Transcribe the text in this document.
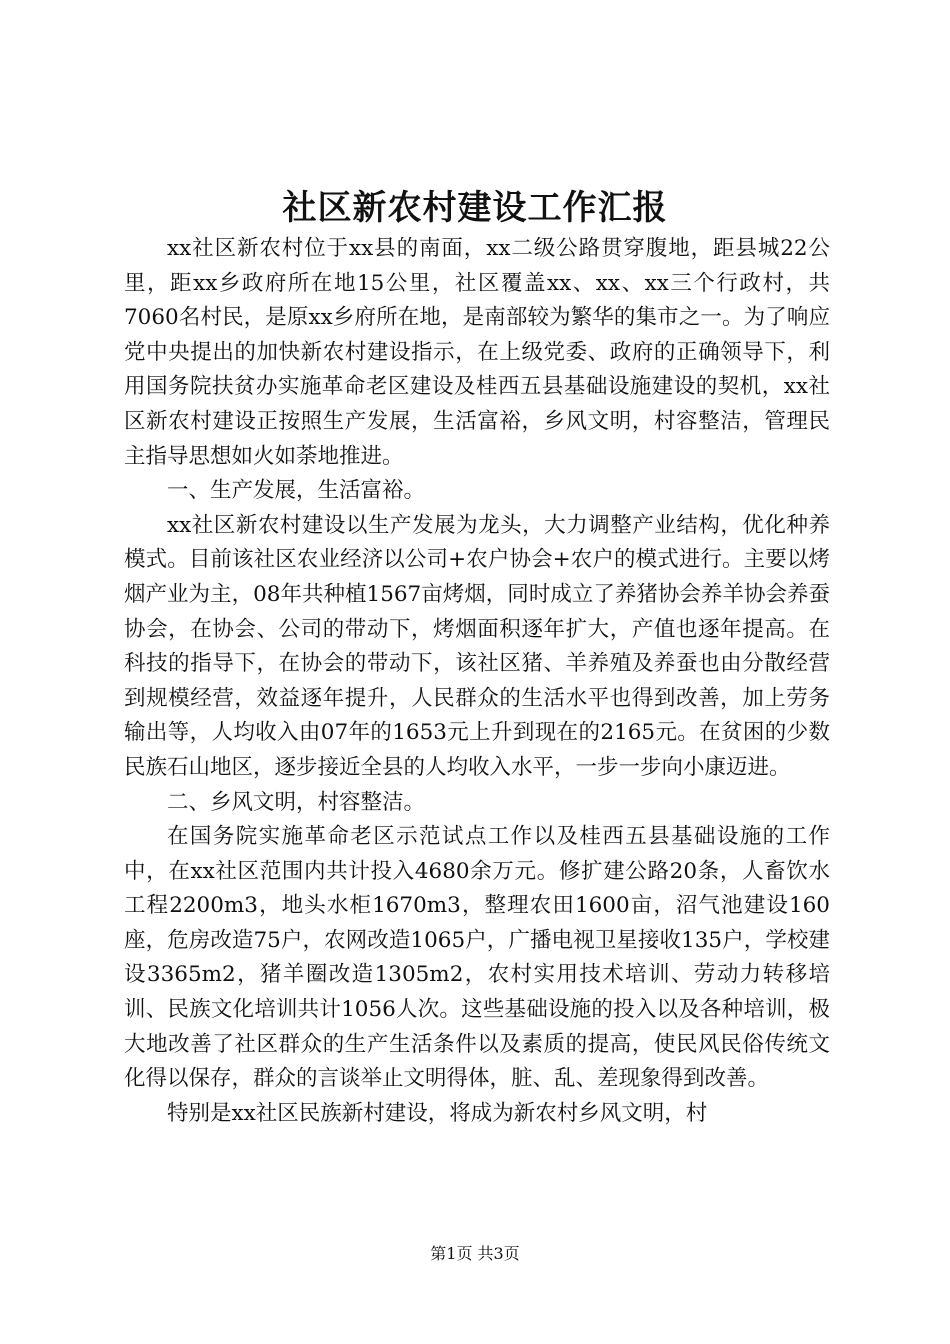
社区新农村建设工作汇报

xx社区新农村位于xx县的南面，xx二级公路贯穿腹地，距县城22公里，距xx乡政府所在地15公里，社区覆盖xx、xx、xx三个行政村，共7060名村民，是原xx乡府所在地，是南部较为繁华的集市之一。为了响应党中央提出的加快新农村建设指示，在上级党委、政府的正确领导下，利用国务院扶贫办实施革命老区建设及桂西五县基础设施建设的契机，xx社区新农村建设正按照生产发展，生活富裕，乡风文明，村容整洁，管理民主指导思想如火如荼地推进。

一、生产发展，生活富裕。

xx社区新农村建设以生产发展为龙头，大力调整产业结构，优化种养模式。目前该社区农业经济以公司+农户协会+农户的模式进行。主要以烤烟产业为主，08年共种植1567亩烤烟，同时成立了养猪协会养羊协会养蚕协会，在协会、公司的带动下，烤烟面积逐年扩大，产值也逐年提高。在科技的指导下，在协会的带动下，该社区猪、羊养殖及养蚕也由分散经营到规模经营，效益逐年提升，人民群众的生活水平也得到改善，加上劳务输出等，人均收入由07年的1653元上升到现在的2165元。在贫困的少数民族石山地区，逐步接近全县的人均收入水平，一步一步向小康迈进。

二、乡风文明，村容整洁。

在国务院实施革命老区示范试点工作以及桂西五县基础设施的工作中，在xx社区范围内共计投入4680余万元。修扩建公路20条，人畜饮水工程2200m3，地头水柜1670m3，整理农田1600亩，沼气池建设160座，危房改造75户，农网改造1065户，广播电视卫星接收135户，学校建设3365m2，猪羊圈改造1305m2，农村实用技术培训、劳动力转移培训、民族文化培训共计1056人次。这些基础设施的投入以及各种培训，极大地改善了社区群众的生产生活条件以及素质的提高，使民风民俗传统文化得以保存，群众的言谈举止文明得体，脏、乱、差现象得到改善。

特别是xx社区民族新村建设，将成为新农村乡风文明，村

第1页 共3页
